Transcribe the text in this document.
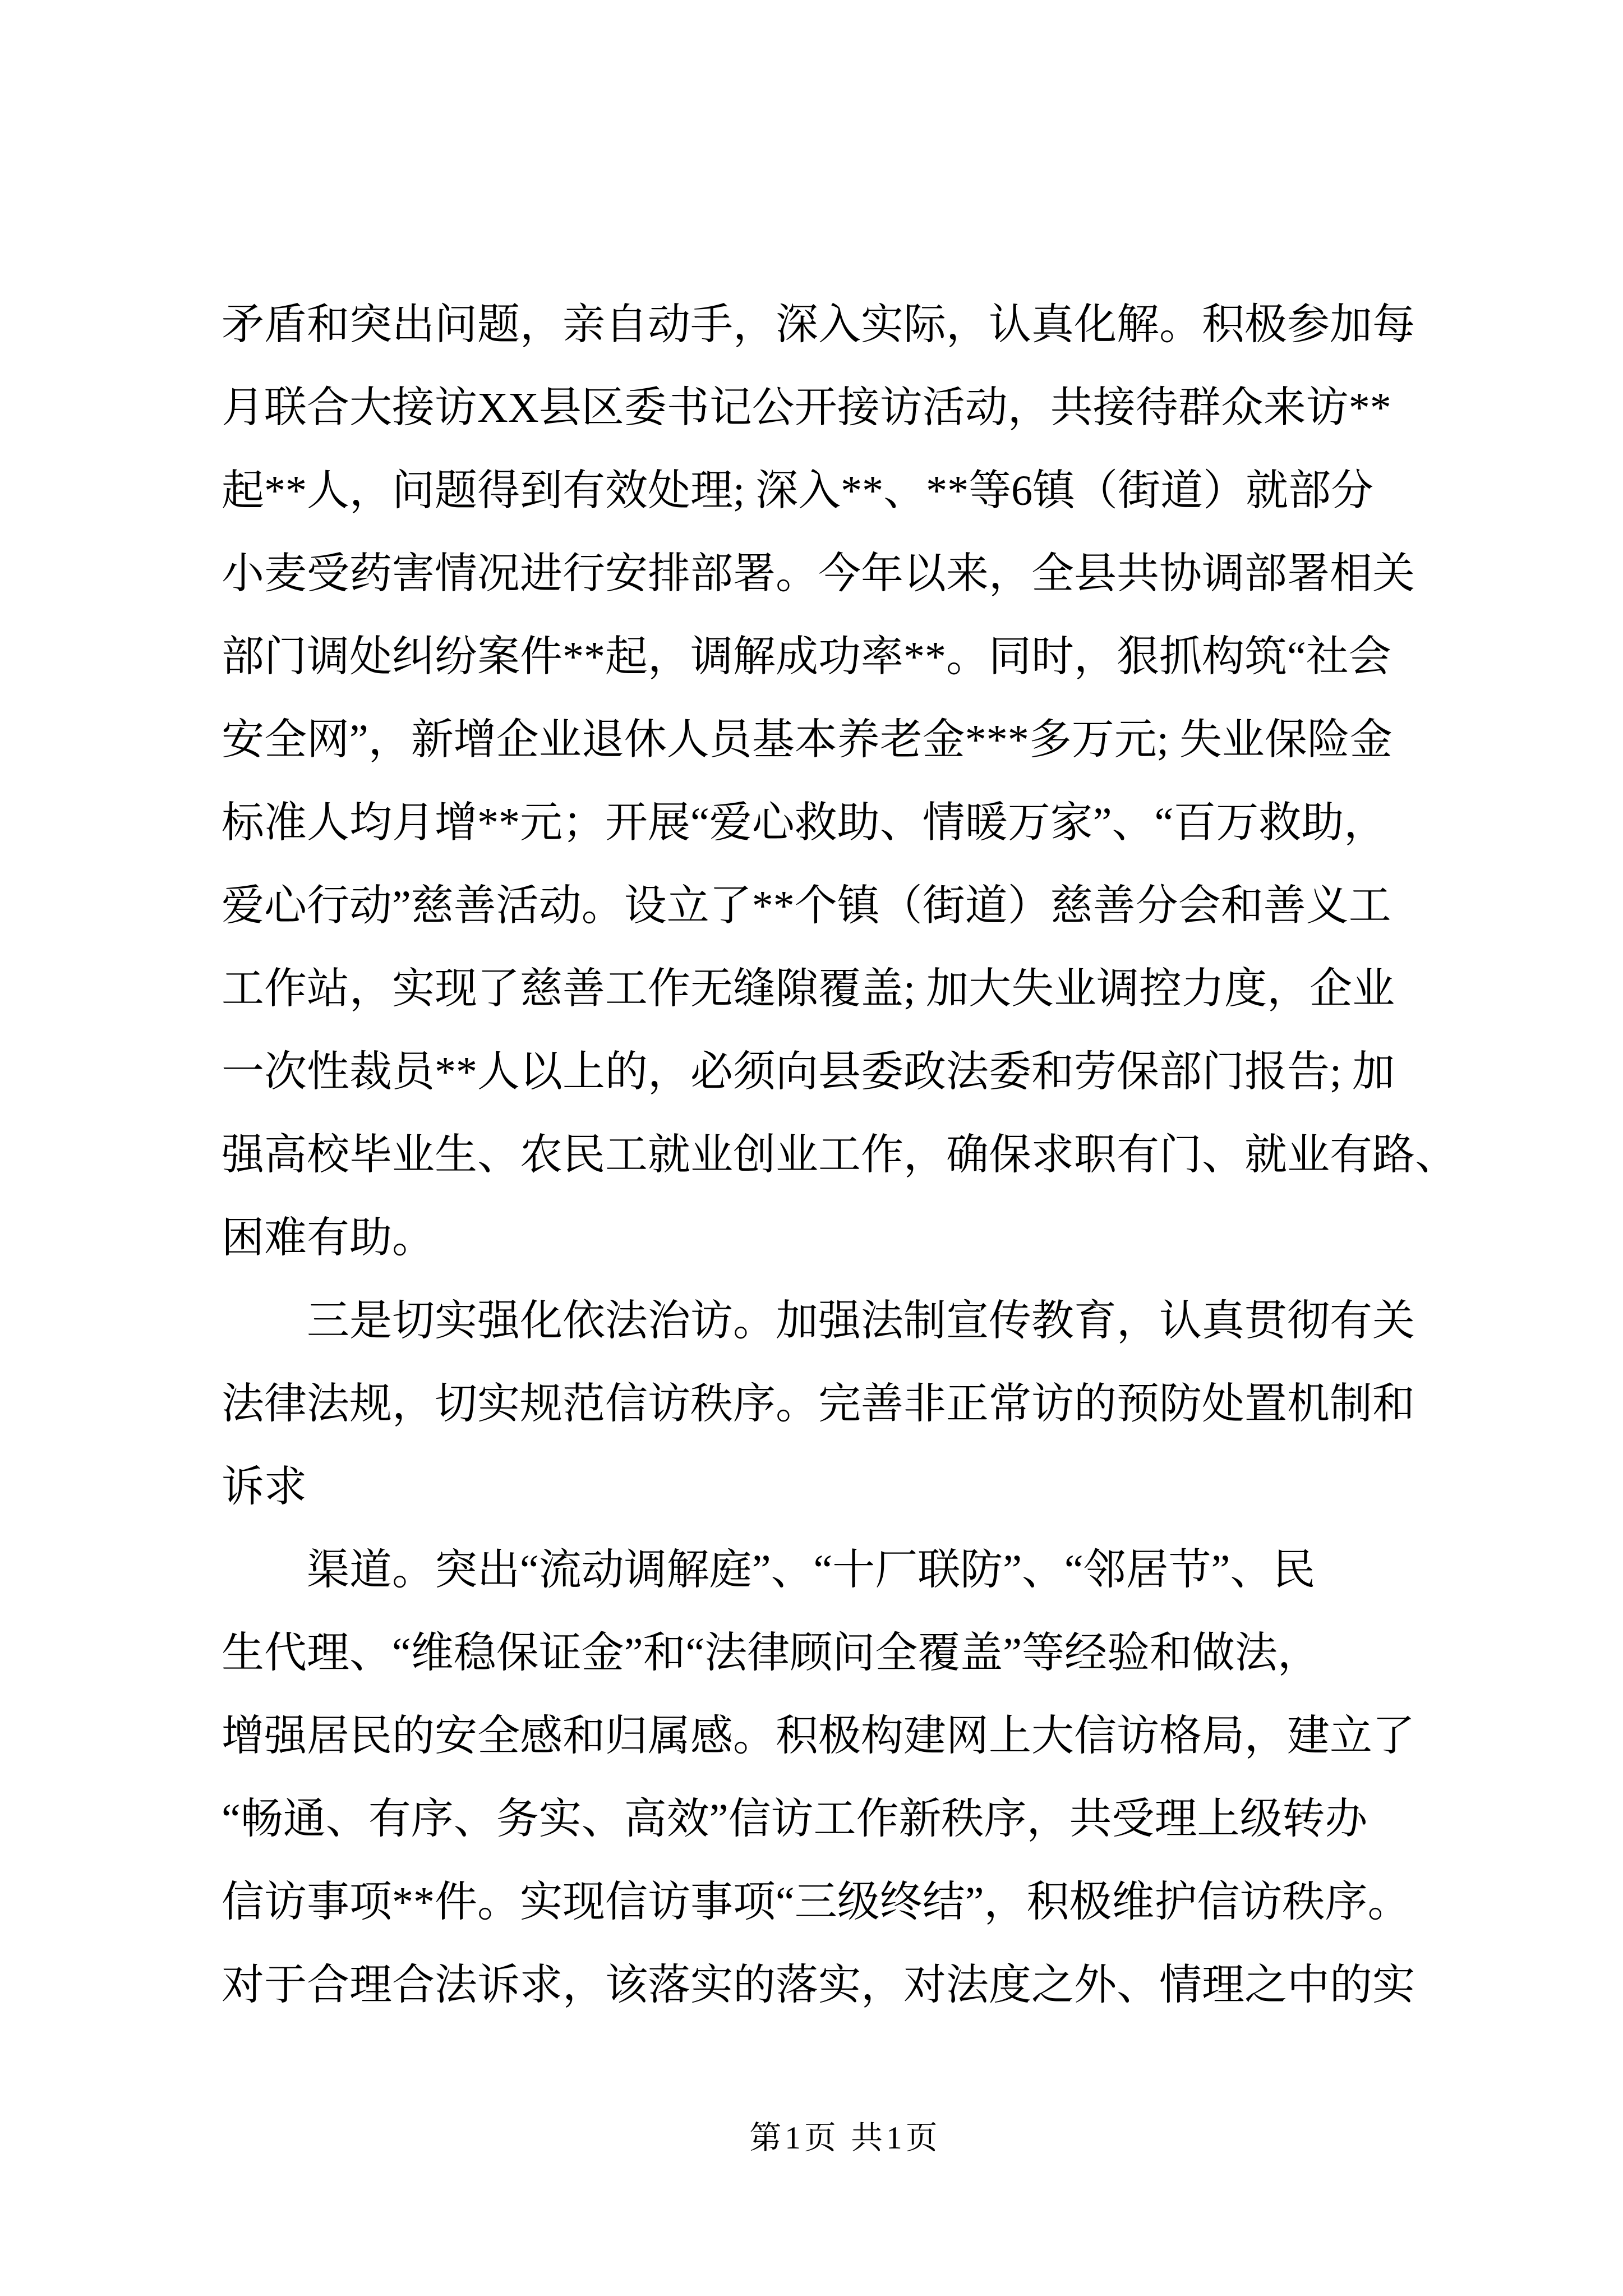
矛盾和突出问题，亲自动手，深入实际，认真化解。积极参加每
月联合大接访XX县区委书记公开接访活动，共接待群众来访**
起**人，问题得到有效处理; 深入**、**等6镇（街道）就部分
小麦受药害情况进行安排部署。今年以来，全县共协调部署相关
部门调处纠纷案件**起，调解成功率**。同时，狠抓构筑“社会
安全网”，新增企业退休人员基本养老金***多万元; 失业保险金
标准人均月增**元；开展“爱心救助、情暖万家”、“百万救助，
爱心行动”慈善活动。设立了**个镇（街道）慈善分会和善义工
工作站，实现了慈善工作无缝隙覆盖; 加大失业调控力度，企业
一次性裁员**人以上的，必须向县委政法委和劳保部门报告; 加
强高校毕业生、农民工就业创业工作，确保求职有门、就业有路、
困难有助。
三是切实强化依法治访。加强法制宣传教育，认真贯彻有关
法律法规，切实规范信访秩序。完善非正常访的预防处置机制和
诉求
渠道。突出“流动调解庭”、“十厂联防”、“邻居节”、民
生代理、“维稳保证金”和“法律顾问全覆盖”等经验和做法，
增强居民的安全感和归属感。积极构建网上大信访格局，建立了
“畅通、有序、务实、高效”信访工作新秩序，共受理上级转办
信访事项**件。实现信访事项“三级终结”，积极维护信访秩序。
对于合理合法诉求，该落实的落实，对法度之外、情理之中的实
第1页 共1页
